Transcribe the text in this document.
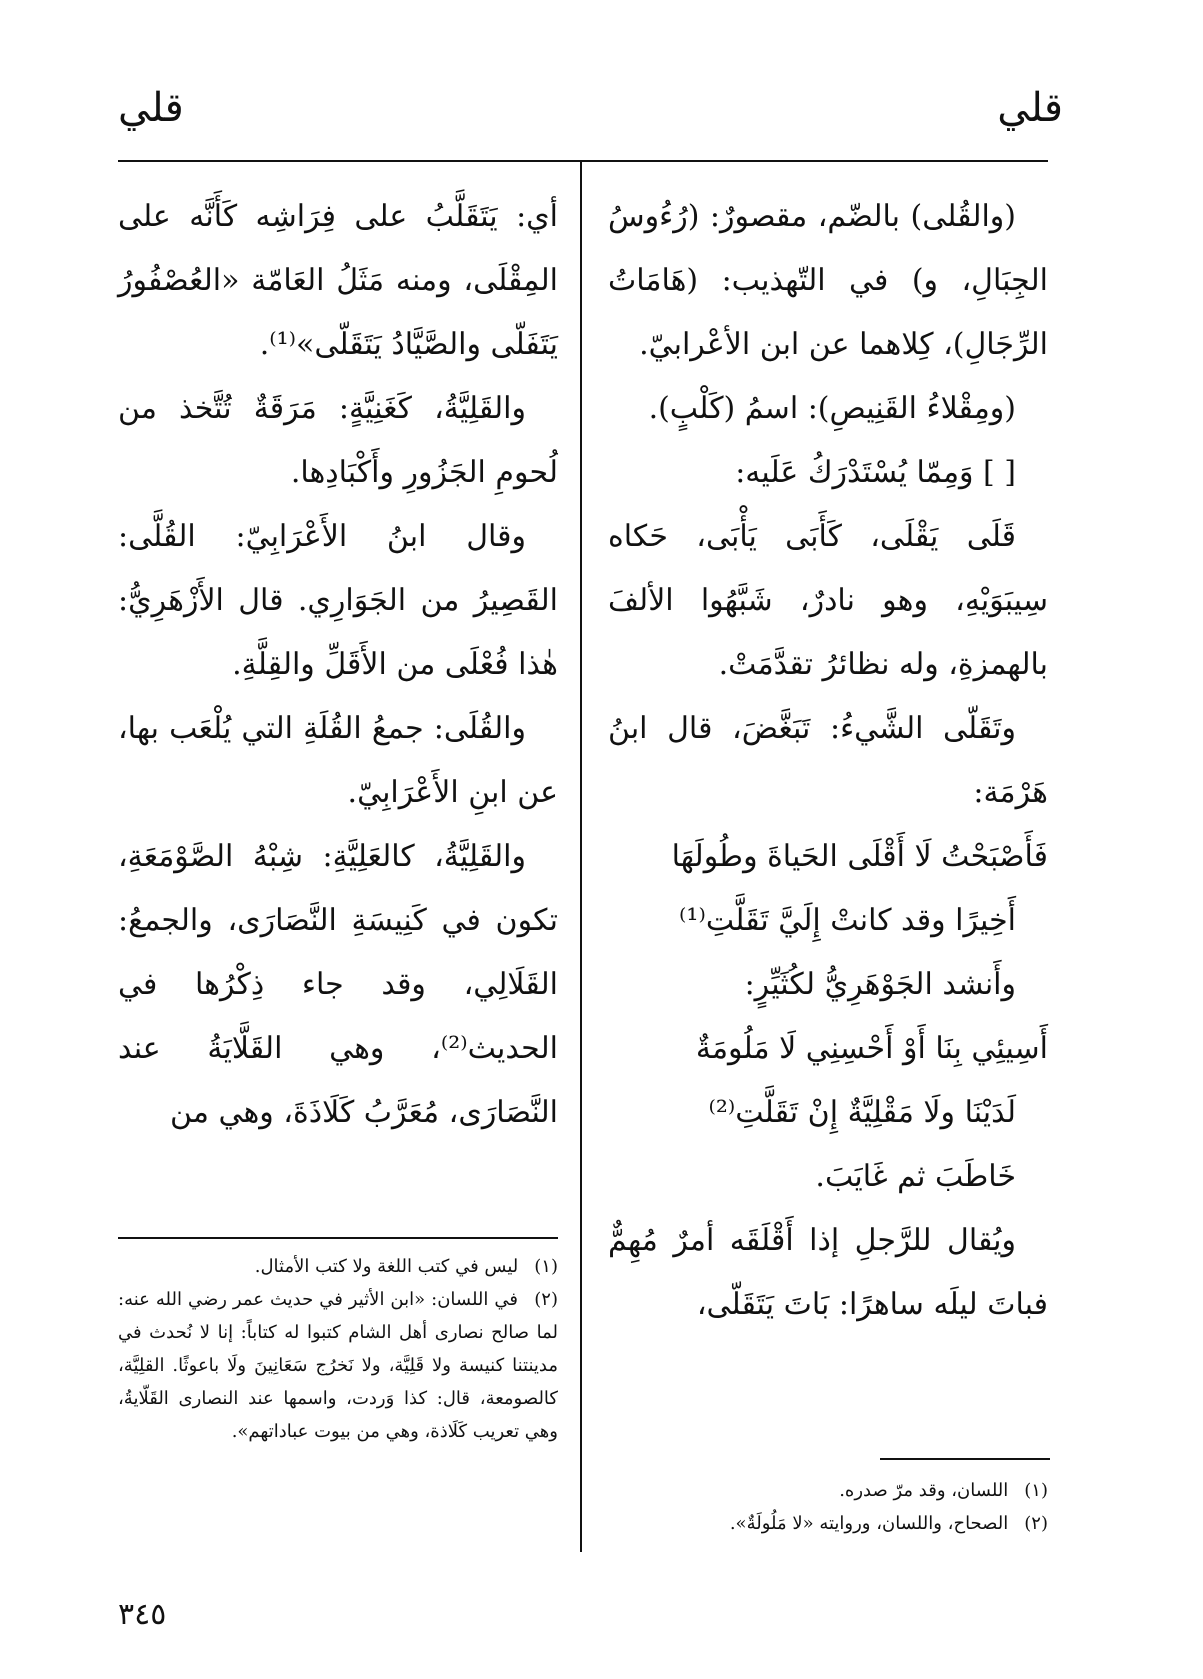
قلي
قلي

(والقُلى) بالضّم، مقصورٌ: (رُءُوسُ الجِبَالِ، و) في التّهذيب: (هَامَاتُ الرِّجَالِ)، كِلاهما عن ابن الأعْرابيّ.

(ومِقْلاءُ القَنِيصِ): اسمُ (كَلْبٍ).

[ ] وَمِمّا يُسْتَدْرَكُ عَلَيه:

قَلَى يَقْلَى، كَأَبَى يَأْبَى، حَكاه سِيبَوَيْهِ، وهو نادرٌ، شَبَّهُوا الألفَ بالهمزةِ، وله نظائرُ تقدَّمَتْ.

وتَقَلّى الشَّيءُ: تَبَغَّضَ، قال ابنُ هَرْمَة:

فَأَصْبَحْتُ لَا أَقْلَى الحَياةَ وطُولَهَا

أَخِيرًا وقد كانتْ إِلَيَّ تَقَلَّتِ⁽¹⁾

وأَنشد الجَوْهَرِيُّ لكُثَيِّرٍ:

أَسِيئِي بِنَا أَوْ أَحْسِنِي لَا مَلُومَةٌ

لَدَيْنَا ولَا مَقْلِيَّةٌ إِنْ تَقَلَّتِ⁽²⁾

خَاطَبَ ثم غَايَبَ.

ويُقال للرَّجلِ إذا أَقْلَقَه أمرٌ مُهِمٌّ فباتَ ليلَه ساهرًا: بَاتَ يَتَقَلّى،

أي: يَتَقَلَّبُ على فِرَاشِه كَأَنَّه على المِقْلَى، ومنه مَثَلُ العَامّة «العُصْفُورُ يَتَفَلّى والصَّيَّادُ يَتَقَلّى»⁽¹⁾.

والقَلِيَّةُ، كَغَنِيَّةٍ: مَرَقَةٌ تُتَّخذ من لُحومِ الجَزُورِ وأَكْبَادِها.

وقال ابنُ الأَعْرَابِيّ: القُلَّى: القَصِيرُ من الجَوَارِي. قال الأَزْهَرِيُّ: هٰذا فُعْلَى من الأَقَلِّ والقِلَّةِ.

والقُلَى: جمعُ القُلَةِ التي يُلْعَب بها، عن ابنِ الأَعْرَابِيّ.

والقَلِيَّةُ، كالعَلِيَّةِ: شِبْهُ الصَّوْمَعَةِ، تكون في كَنِيسَةِ النَّصَارَى، والجمعُ: القَلَالِي، وقد جاء ذِكْرُها في الحديث⁽²⁾، وهي القَلَّايَةُ عند النَّصَارَى، مُعَرَّبُ كَلَاذَةَ، وهي من

(١) ليس في كتب اللغة ولا كتب الأمثال.

(٢) في اللسان: «ابن الأثير في حديث عمر رضي الله عنه: لما صالح نصارى أهل الشام كتبوا له كتاباً: إنا لا نُحدث في مدينتنا كنيسة ولا قَلِيَّة، ولا نَخرُج سَعَانِينَ ولَا باعوثًا. القلِيَّة، كالصومعة، قال: كذا وَردت، واسمها عند النصارى القَلّايةُ، وهي تعريب كَلَاذة، وهي من بيوت عباداتهم».

(١) اللسان، وقد مرّ صدره.

(٢) الصحاح، واللسان، وروايته «لا مَلُولَةٌ».

٣٤٥
